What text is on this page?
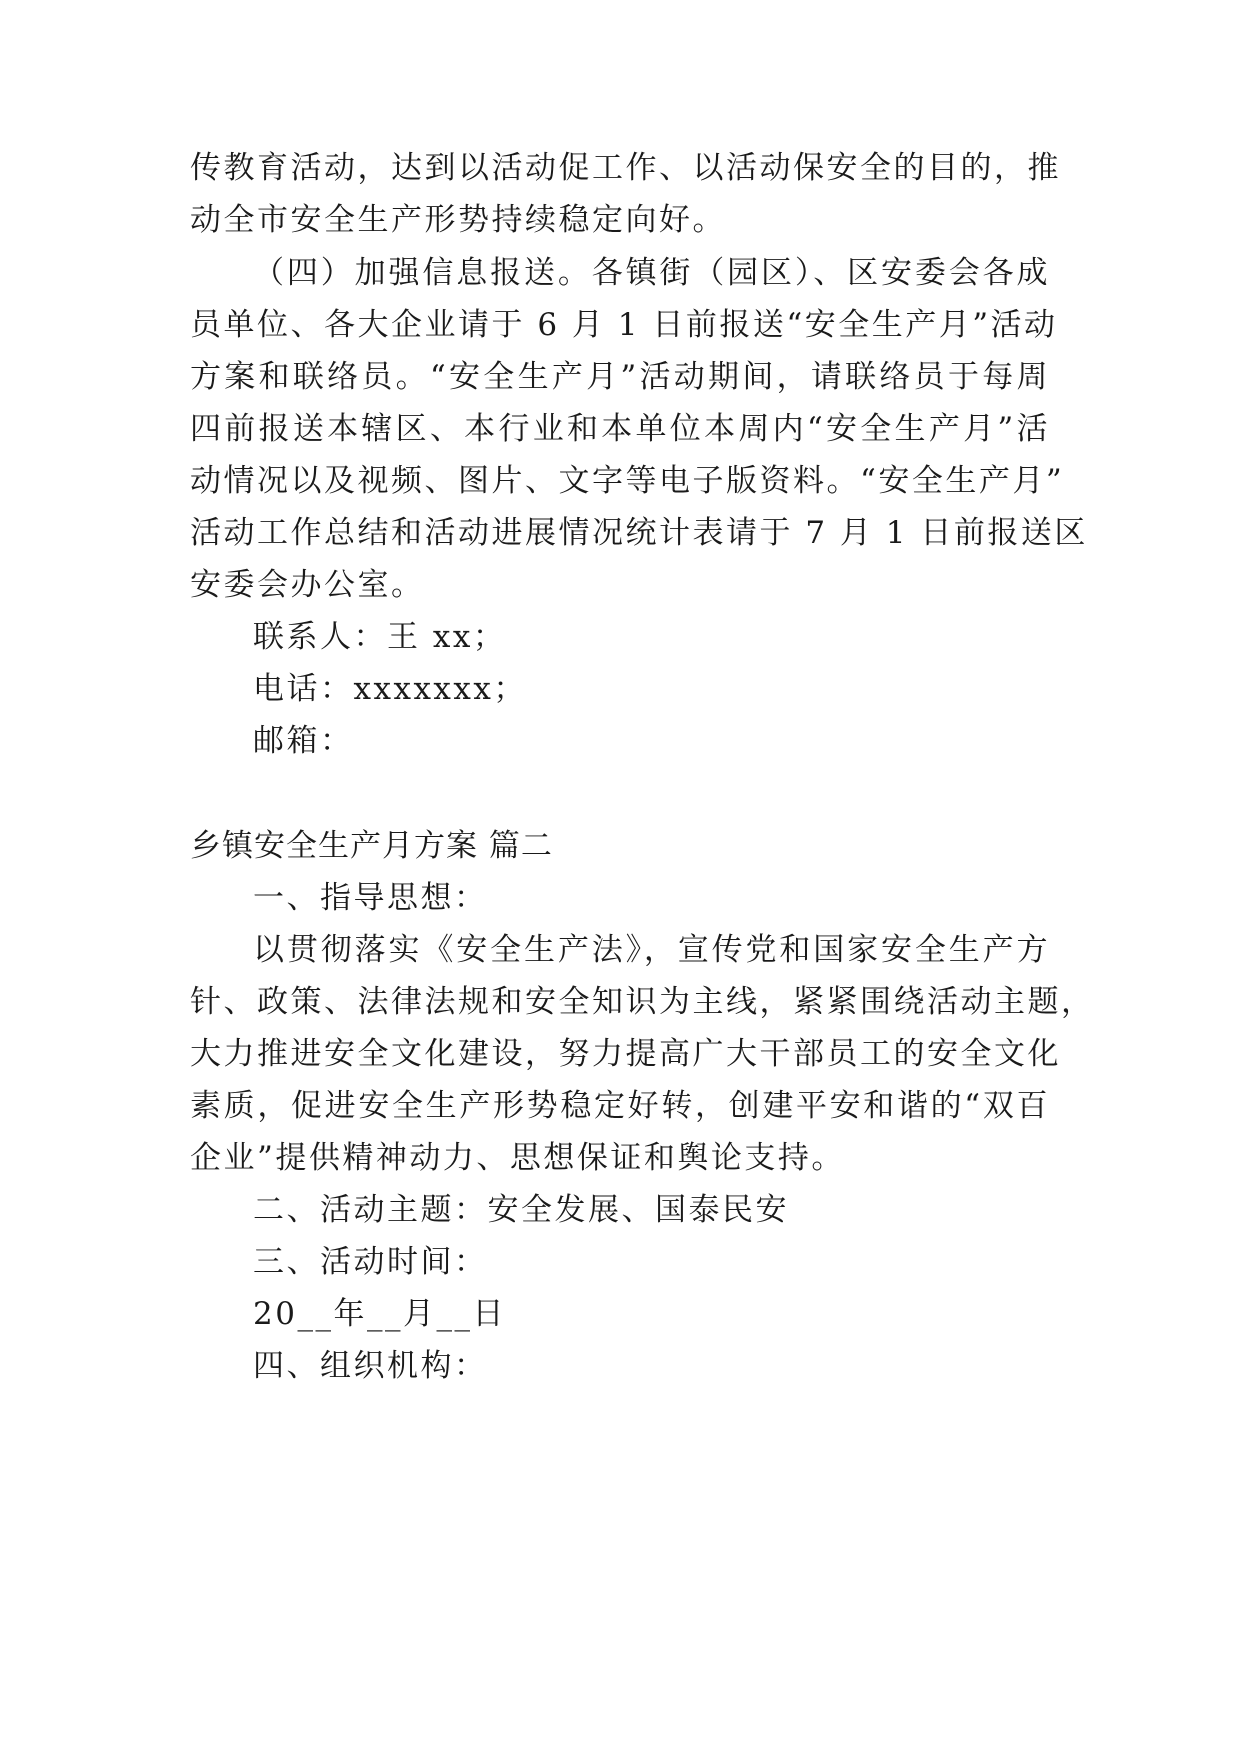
传教育活动，达到以活动促工作、以活动保安全的目的，推
动全市安全生产形势持续稳定向好。
（四）加强信息报送。各镇街（园区）、区安委会各成
员单位、各大企业请于 6 月 1 日前报送“安全生产月”活动
方案和联络员。“安全生产月”活动期间，请联络员于每周
四前报送本辖区、本行业和本单位本周内“安全生产月”活
动情况以及视频、图片、文字等电子版资料。“安全生产月”
活动工作总结和活动进展情况统计表请于 7 月 1 日前报送区
安委会办公室。
联系人：王 xx；
电话：xxxxxxx；
邮箱：
乡镇安全生产月方案 篇二
一、指导思想：
以贯彻落实《安全生产法》，宣传党和国家安全生产方
针、政策、法律法规和安全知识为主线，紧紧围绕活动主题，
大力推进安全文化建设，努力提高广大干部员工的安全文化
素质，促进安全生产形势稳定好转，创建平安和谐的“双百
企业”提供精神动力、思想保证和舆论支持。
二、活动主题：安全发展、国泰民安
三、活动时间：
20__年__月__日
四、组织机构：
